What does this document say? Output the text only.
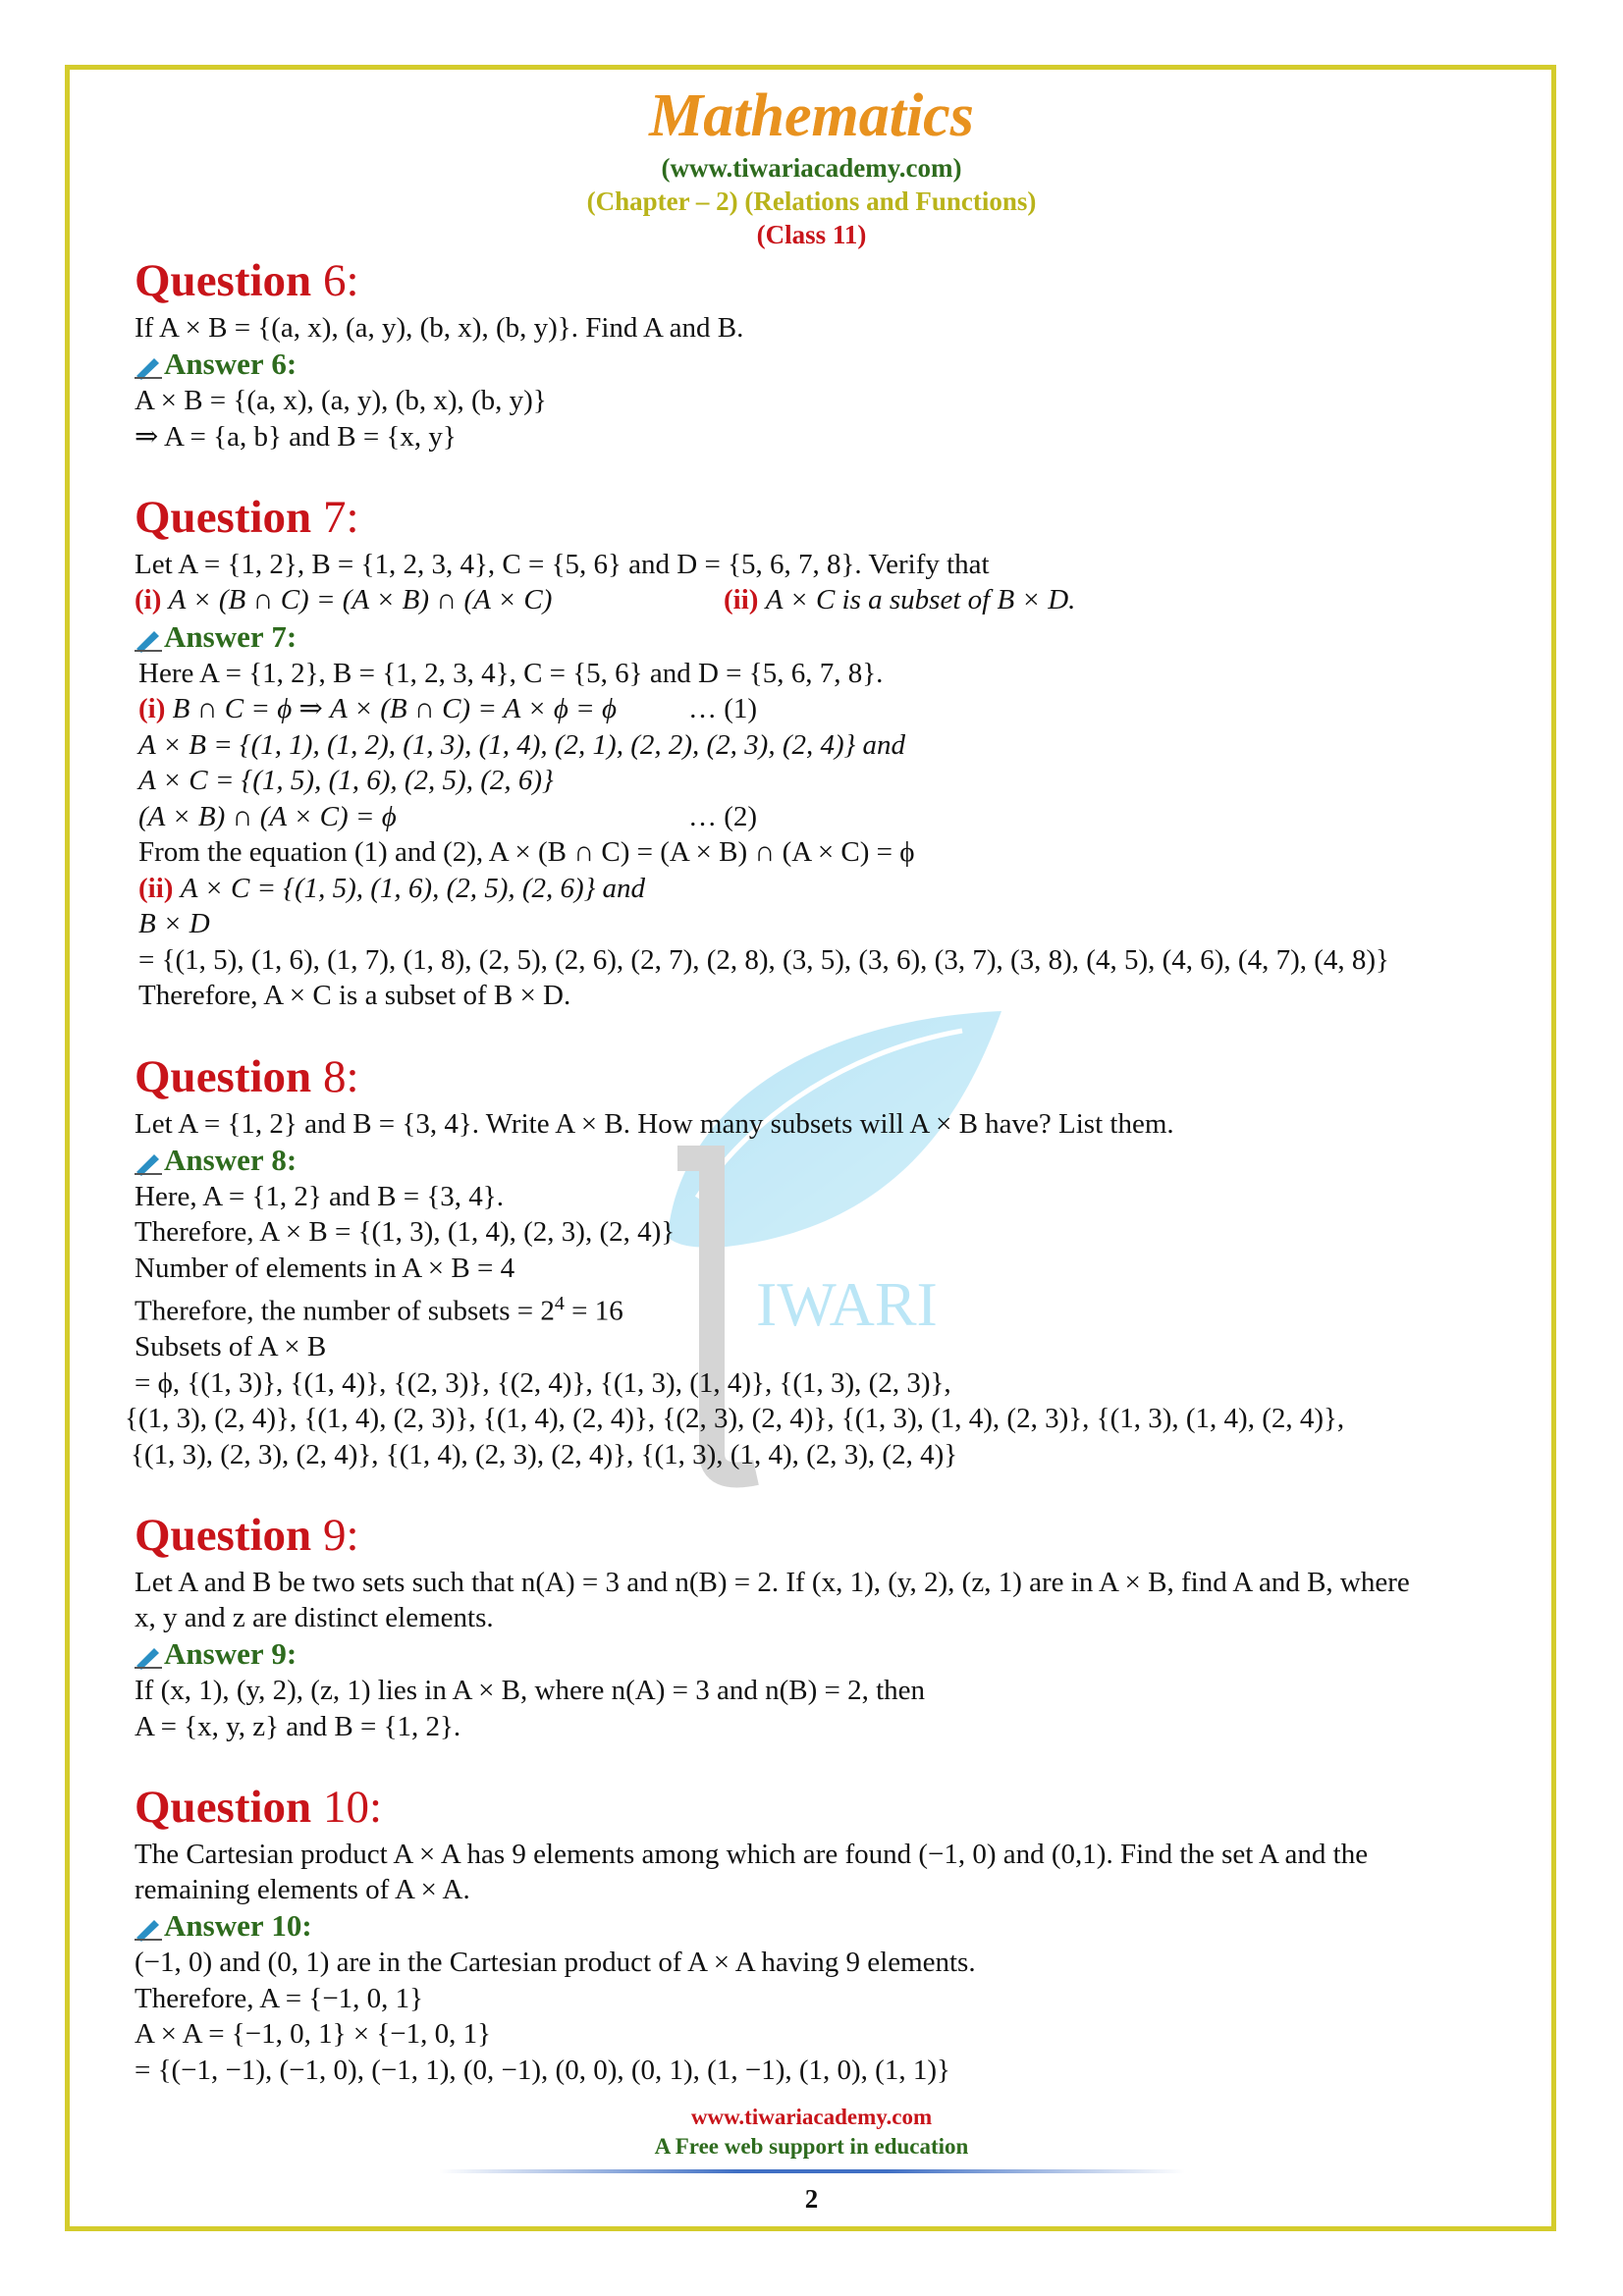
Mathematics
(www.tiwariacademy.com)
(Chapter – 2) (Relations and Functions)
(Class 11)
IWARI

Question 6:

If A × B = {(a, x), (a, y), (b, x), (b, y)}. Find A and B.

Answer
6:

A × B = {(a, x), (a, y), (b, x), (b, y)}

⇒ A = {a, b} and B = {x, y}

Question 7:

Let A = {1, 2}, B = {1, 2, 3, 4}, C = {5, 6} and D = {5, 6, 7, 8}. Verify that

(i) A × (B ∩ C) = (A × B) ∩ (A × C)	(ii) A × C is a subset of B × D.

Answer
7:

Here A = {1, 2}, B = {1, 2, 3, 4}, C = {5, 6} and D = {5, 6, 7, 8}.

(i) B ∩ C = ϕ ⇒ A × (B ∩ C) = A × ϕ = ϕ	… (1)

A × B = {(1, 1), (1, 2), (1, 3), (1, 4), (2, 1), (2, 2), (2, 3), (2, 4)} and

A × C = {(1, 5), (1, 6), (2, 5), (2, 6)}

(A × B) ∩ (A × C) = ϕ	… (2)

From the equation (1) and (2), A × (B ∩ C) = (A × B) ∩ (A × C) = ϕ

(ii) A × C = {(1, 5), (1, 6), (2, 5), (2, 6)} and

B × D

= {(1, 5), (1, 6), (1, 7), (1, 8), (2, 5), (2, 6), (2, 7), (2, 8), (3, 5), (3, 6), (3, 7), (3, 8), (4, 5), (4, 6), (4, 7), (4, 8)}

Therefore, A × C is a subset of B × D.

Question 8:

Let A = {1, 2} and B = {3, 4}. Write A × B. How many subsets will A × B have? List them.

Answer
8:

Here, A = {1, 2} and B = {3, 4}.

Therefore, A × B = {(1, 3), (1, 4), (2, 3), (2, 4)}

Number of elements in A × B = 4

Therefore, the number of subsets = $2^4 = 16$

Subsets of A × B

= ϕ, {(1, 3)}, {(1, 4)}, {(2, 3)}, {(2, 4)}, {(1, 3), (1, 4)}, {(1, 3), (2, 3)},

{(1, 3), (2, 4)}, {(1, 4), (2, 3)}, {(1, 4), (2, 4)}, {(2, 3), (2, 4)}, {(1, 3), (1, 4), (2, 3)}, {(1, 3), (1, 4), (2, 4)},

{(1, 3), (2, 3), (2, 4)}, {(1, 4), (2, 3), (2, 4)}, {(1, 3), (1, 4), (2, 3), (2, 4)}

Question 9:

Let A and B be two sets such that n(A) = 3 and n(B) = 2. If (x, 1), (y, 2), (z, 1) are in A × B, find A and B, where

x, y and z are distinct elements.

Answer
9:

If (x, 1), (y, 2), (z, 1) lies in A × B, where n(A) = 3 and n(B) = 2, then

A = {x, y, z} and B = {1, 2}.

Question 10:

The Cartesian product A × A has 9 elements among which are found (−1, 0) and (0,1). Find the set A and the

remaining elements of A × A.

Answer
10:

(−1, 0) and (0, 1) are in the Cartesian product of A × A having 9 elements.

Therefore, A = {−1, 0, 1}

A × A = {−1, 0, 1} × {−1, 0, 1}

= {(−1, −1), (−1, 0), (−1, 1), (0, −1), (0, 0), (0, 1), (1, −1), (1, 0), (1, 1)}

www.tiwariacademy.com
A Free web support in education
2
